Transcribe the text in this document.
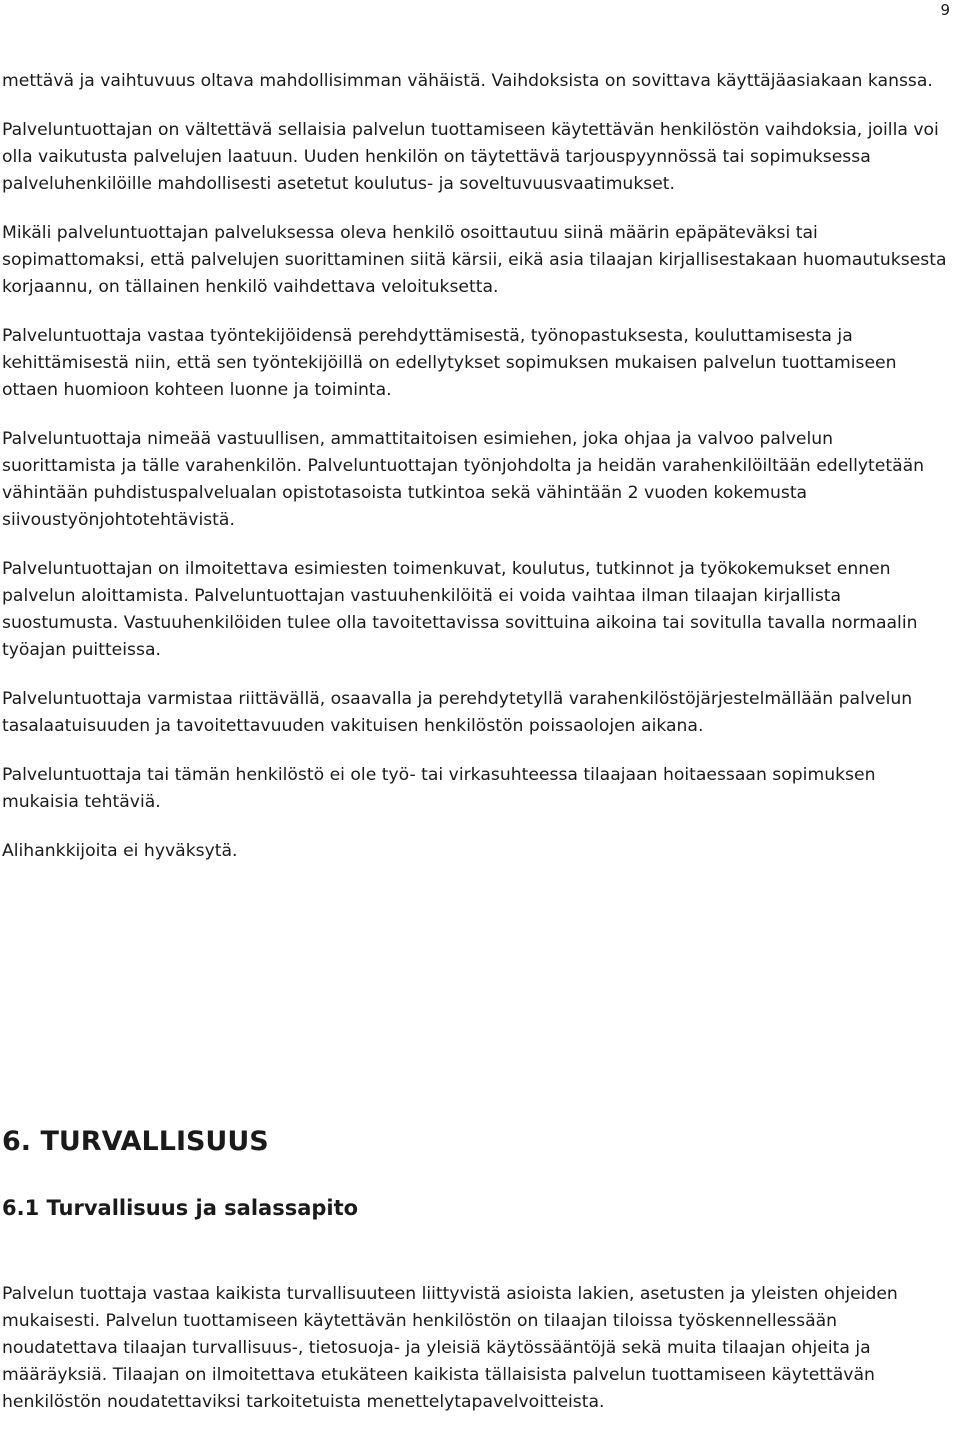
9

mettävä ja vaihtuvuus oltava mahdollisimman vähäistä. Vaihdoksista on sovittava käyttäjäasiakaan kanssa.

Palveluntuottajan on vältettävä sellaisia palvelun tuottamiseen käytettävän henkilöstön vaihdoksia, joilla voi olla vaikutusta palvelujen laatuun. Uuden henkilön on täytettävä tarjouspyynnössä tai sopimuksessa palveluhenkilöille mahdollisesti asetetut koulutus- ja soveltuvuusvaatimukset.

Mikäli palveluntuottajan palveluksessa oleva henkilö osoittautuu siinä määrin epäpäteväksi tai sopimattomaksi, että palvelujen suorittaminen siitä kärsii, eikä asia tilaajan kirjallisestakaan huomautuksesta korjaannu, on tällainen henkilö vaihdettava veloituksetta.

Palveluntuottaja vastaa työntekijöidensä perehdyttämisestä, työnopastuksesta, kouluttamisesta ja kehittämisestä niin, että sen työntekijöillä on edellytykset sopimuksen mukaisen palvelun tuottamiseen ottaen huomioon kohteen luonne ja toiminta.

Palveluntuottaja nimeää vastuullisen, ammattitaitoisen esimiehen, joka ohjaa ja valvoo palvelun suorittamista ja tälle varahenkilön. Palveluntuottajan työnjohdolta ja heidän varahenkilöiltään edellytetään vähintään puhdistuspalvelualan opistotasoista tutkintoa sekä vähintään 2 vuoden kokemusta siivoustyönjohtotehtävistä.

Palveluntuottajan on ilmoitettava esimiesten toimenkuvat, koulutus, tutkinnot ja työkokemukset ennen palvelun aloittamista. Palveluntuottajan vastuuhenkilöitä ei voida vaihtaa ilman tilaajan kirjallista suostumusta. Vastuuhenkilöiden tulee olla tavoitettavissa sovittuina aikoina tai sovitulla tavalla normaalin työajan puitteissa.

Palveluntuottaja varmistaa riittävällä, osaavalla ja perehdytetyllä varahenkilöstöjärjestelmällään palvelun tasalaatuisuuden ja tavoitettavuuden vakituisen henkilöstön poissaolojen aikana.

Palveluntuottaja tai tämän henkilöstö ei ole työ- tai virkasuhteessa tilaajaan hoitaessaan sopimuksen mukaisia tehtäviä.

Alihankkijoita ei hyväksytä.

6. TURVALLISUUS
6.1 Turvallisuus ja salassapito

Palvelun tuottaja vastaa kaikista turvallisuuteen liittyvistä asioista lakien, asetusten ja yleisten ohjeiden mukaisesti. Palvelun tuottamiseen käytettävän henkilöstön on tilaajan tiloissa työskennellessään noudatettava tilaajan turvallisuus-, tietosuoja- ja yleisiä käytössääntöjä sekä muita tilaajan ohjeita ja määräyksiä. Tilaajan on ilmoitettava etukäteen kaikista tällaisista palvelun tuottamiseen käytettävän henkilöstön noudatettaviksi tarkoitetuista menettelytapavelvoitteista.
